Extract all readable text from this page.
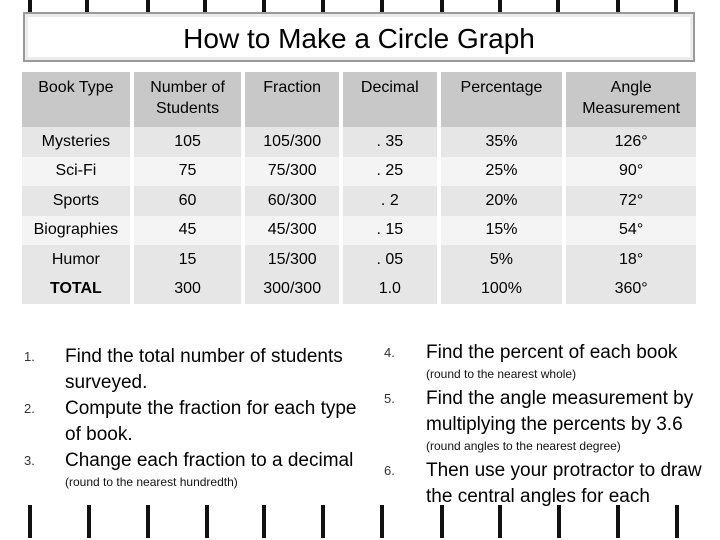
How to Make a Circle Graph
Book Type	Number of Students	Fraction	Decimal	Percentage	Angle Measurement
Mysteries	105	105/300	. 35	35%	126°
Sci-Fi	75	75/300	. 25	25%	90°
Sports	60	60/300	. 2	20%	72°
Biographies	45	45/300	. 15	15%	54°
Humor	15	15/300	. 05	5%	18°
TOTAL	300	300/300	1.0	100%	360°
1. Find the total number of students surveyed.
2. Compute the fraction for each type of book.
3. Change each fraction to a decimal
(round to the nearest hundredth)
4. Find the percent of each book
(round to the nearest whole)
5. Find the angle measurement by multiplying the percents by 3.6
(round angles to the nearest degree)
6. Then use your protractor to draw the central angles for each
